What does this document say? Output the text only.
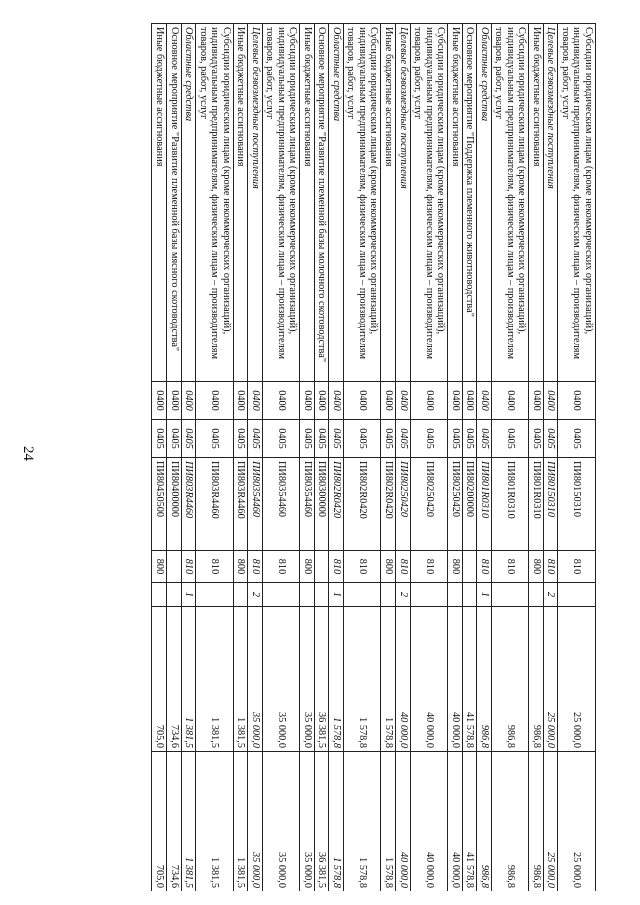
24
Субсидии юридическим лицам (кроме некоммерческих организаций), индивидуальным предпринимателям, физическим лицам – производителям товаров, работ, услуг	0400	0405	ПИ80150310	810		25 000,0	25 000,0
Целевые безвозмездные поступления	0400	0405	ПИ80150310	810	2	25 000,0	25 000,0
Иные бюджетные ассигнования	0400	0405	ПИ801R0310	800		986,8	986,8
Субсидии юридическим лицам (кроме некоммерческих организаций), индивидуальным предпринимателям, физическим лицам – производителям товаров, работ, услуг	0400	0405	ПИ801R0310	810		986,8	986,8
Областные средства	0400	0405	ПИ801R0310	810	1	986,8	986,8
Основное мероприятие "Поддержка племенного животноводства"	0400	0405	ПИ80200000			41 578,8	41 578,8
Иные бюджетные ассигнования	0400	0405	ПИ80250420	800		40 000,0	40 000,0
Субсидии юридическим лицам (кроме некоммерческих организаций), индивидуальным предпринимателям, физическим лицам – производителям товаров, работ, услуг	0400	0405	ПИ80250420	810		40 000,0	40 000,0
Целевые безвозмездные поступления	0400	0405	ПИ80250420	810	2	40 000,0	40 000,0
Иные бюджетные ассигнования	0400	0405	ПИ802R0420	800		1 578,8	1 578,8
Субсидии юридическим лицам (кроме некоммерческих организаций), индивидуальным предпринимателям, физическим лицам – производителям товаров, работ, услуг	0400	0405	ПИ802R0420	810		1 578,8	1 578,8
Областные средства	0400	0405	ПИ802R0420	810	1	1 578,8	1 578,8
Основное мероприятие "Развитие племенной базы молочного скотоводства"	0400	0405	ПИ80300000			36 381,5	36 381,5
Иные бюджетные ассигнования	0400	0405	ПИ80354460	800		35 000,0	35 000,0
Субсидии юридическим лицам (кроме некоммерческих организаций), индивидуальным предпринимателям, физическим лицам – производителям товаров, работ, услуг	0400	0405	ПИ80354460	810		35 000,0	35 000,0
Целевые безвозмездные поступления	0400	0405	ПИ80354460	810	2	35 000,0	35 000,0
Иные бюджетные ассигнования	0400	0405	ПИ803R4460	800		1 381,5	1 381,5
Субсидии юридическим лицам (кроме некоммерческих организаций), индивидуальным предпринимателям, физическим лицам – производителям товаров, работ, услуг	0400	0405	ПИ803R4460	810		1 381,5	1 381,5
Областные средства	0400	0405	ПИ803R4460	810	1	1 381,5	1 381,5
Основное мероприятие "Развитие племенной базы мясного скотоводства"	0400	0405	ПИ80400000			734,6	734,6
Иные бюджетные ассигнования	0400	0405	ПИ80450500	800		705,0	705,0
